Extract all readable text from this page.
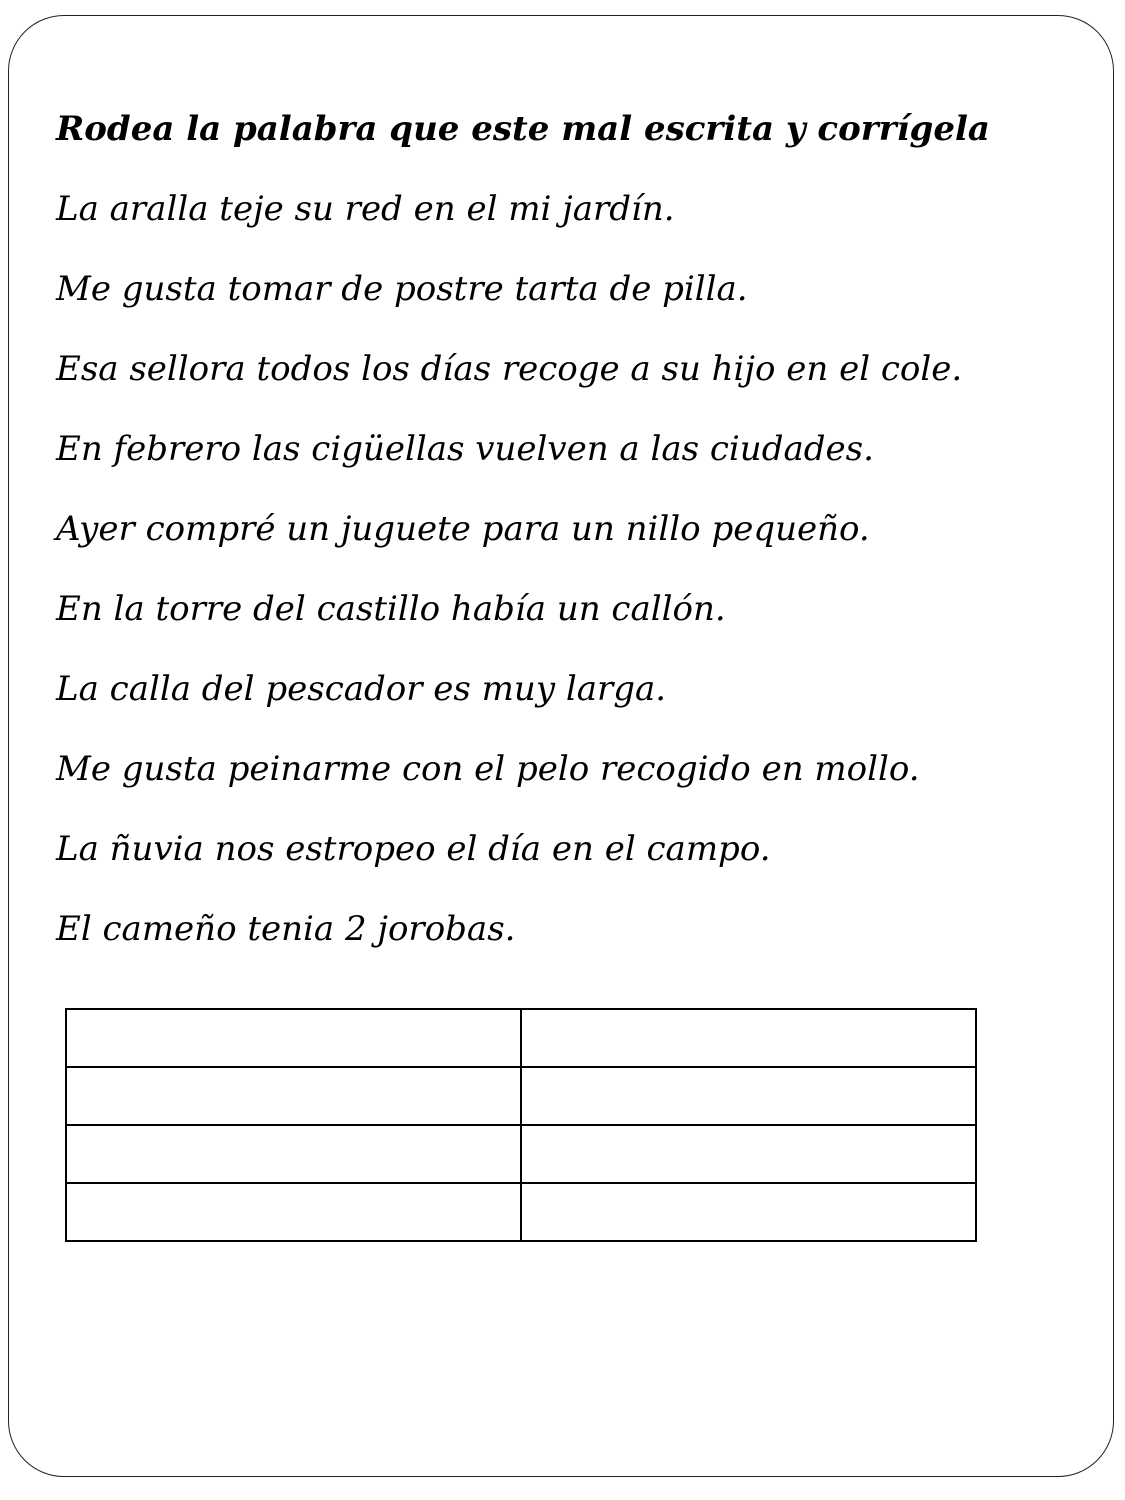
Rodea la palabra que este mal escrita y corrígela
La aralla teje su red en el mi jardín.
Me gusta tomar de postre tarta de pilla.
Esa sellora todos los días recoge a su hijo en el cole.
En febrero las cigüellas vuelven a las ciudades.
Ayer compré un juguete para un nillo pequeño.
En la torre del castillo había un callón.
La calla del pescador es muy larga.
Me gusta peinarme con el pelo recogido en mollo.
La ñuvia nos estropeo el día en el campo.
El cameño tenia 2 jorobas.
